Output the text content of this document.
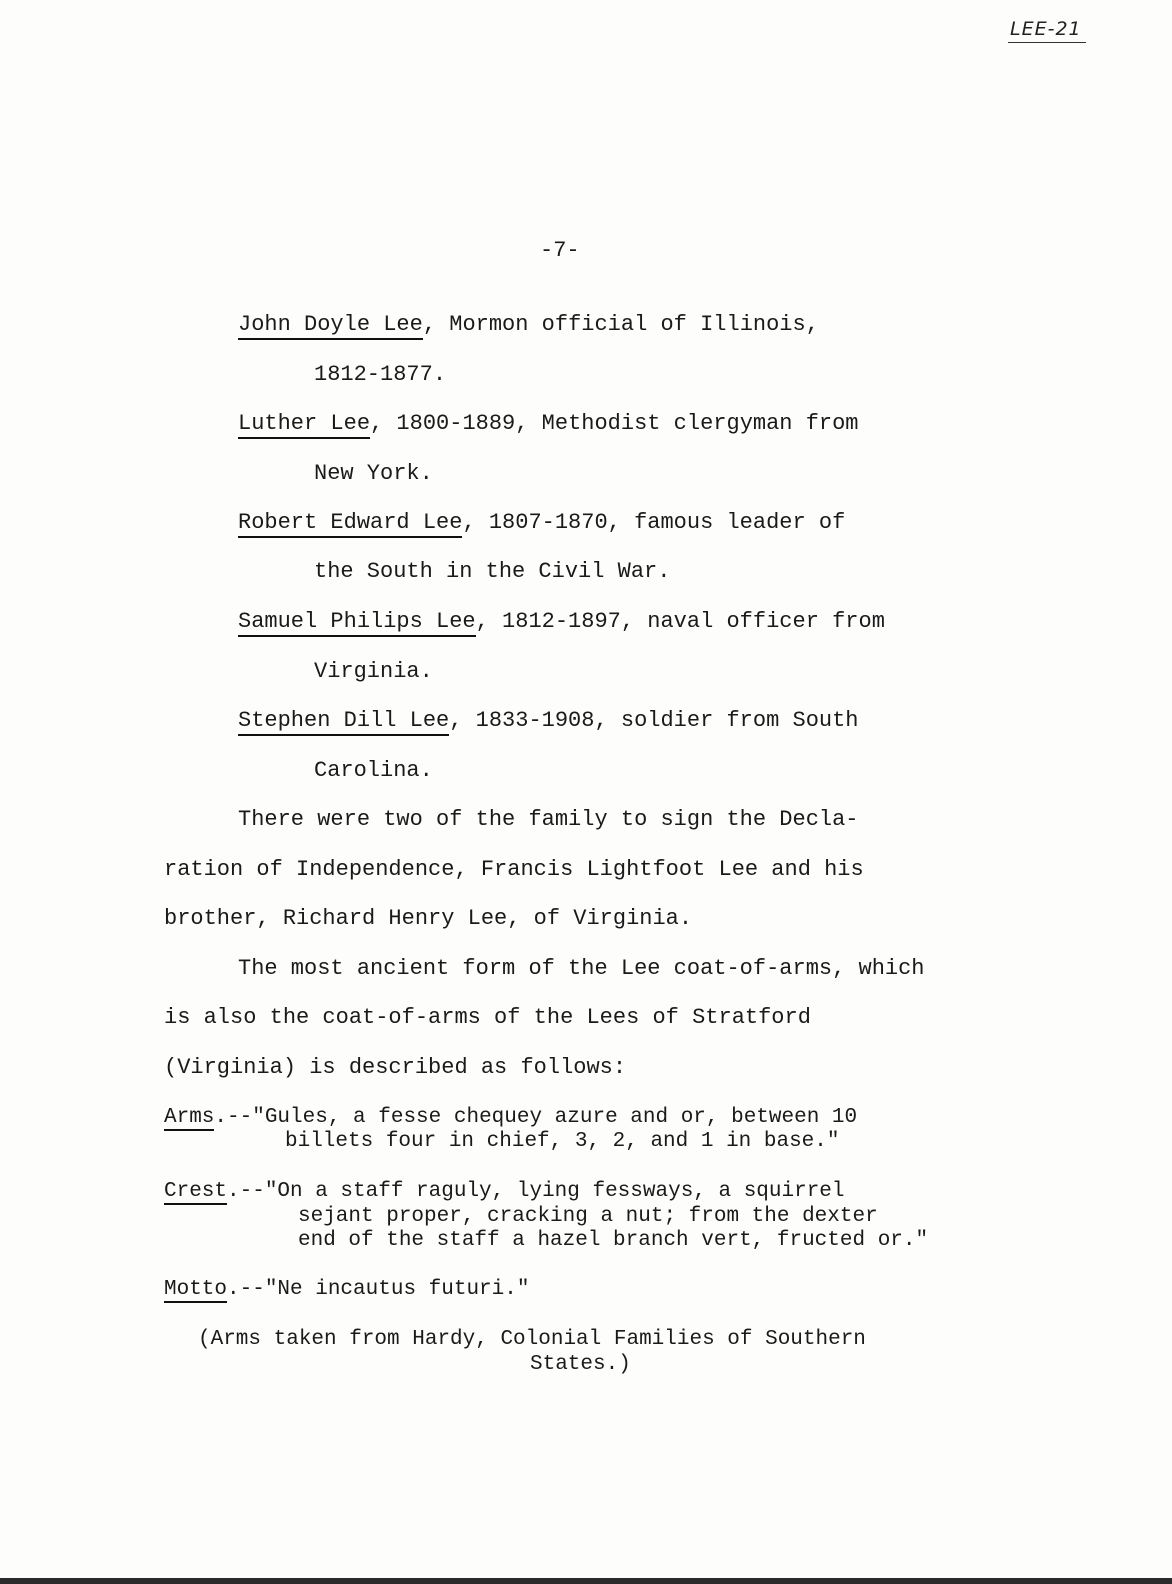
LEE-21
-7-
John Doyle Lee, Mormon official of Illinois,
1812-1877.
Luther Lee, 1800-1889, Methodist clergyman from
New York.
Robert Edward Lee, 1807-1870, famous leader of
the South in the Civil War.
Samuel Philips Lee, 1812-1897, naval officer from
Virginia.
Stephen Dill Lee, 1833-1908, soldier from South
Carolina.
There were two of the family to sign the Decla-
ration of Independence, Francis Lightfoot Lee and his
brother, Richard Henry Lee, of Virginia.
The most ancient form of the Lee coat-of-arms, which
is also the coat-of-arms of the Lees of Stratford
(Virginia) is described as follows:
Arms.--"Gules, a fesse chequey azure and or, between 10
billets four in chief, 3, 2, and 1 in base."
Crest.--"On a staff raguly, lying fessways, a squirrel
sejant proper, cracking a nut; from the dexter
end of the staff a hazel branch vert, fructed or."
Motto.--"Ne incautus futuri."
(Arms taken from Hardy, Colonial Families of Southern
States.)
